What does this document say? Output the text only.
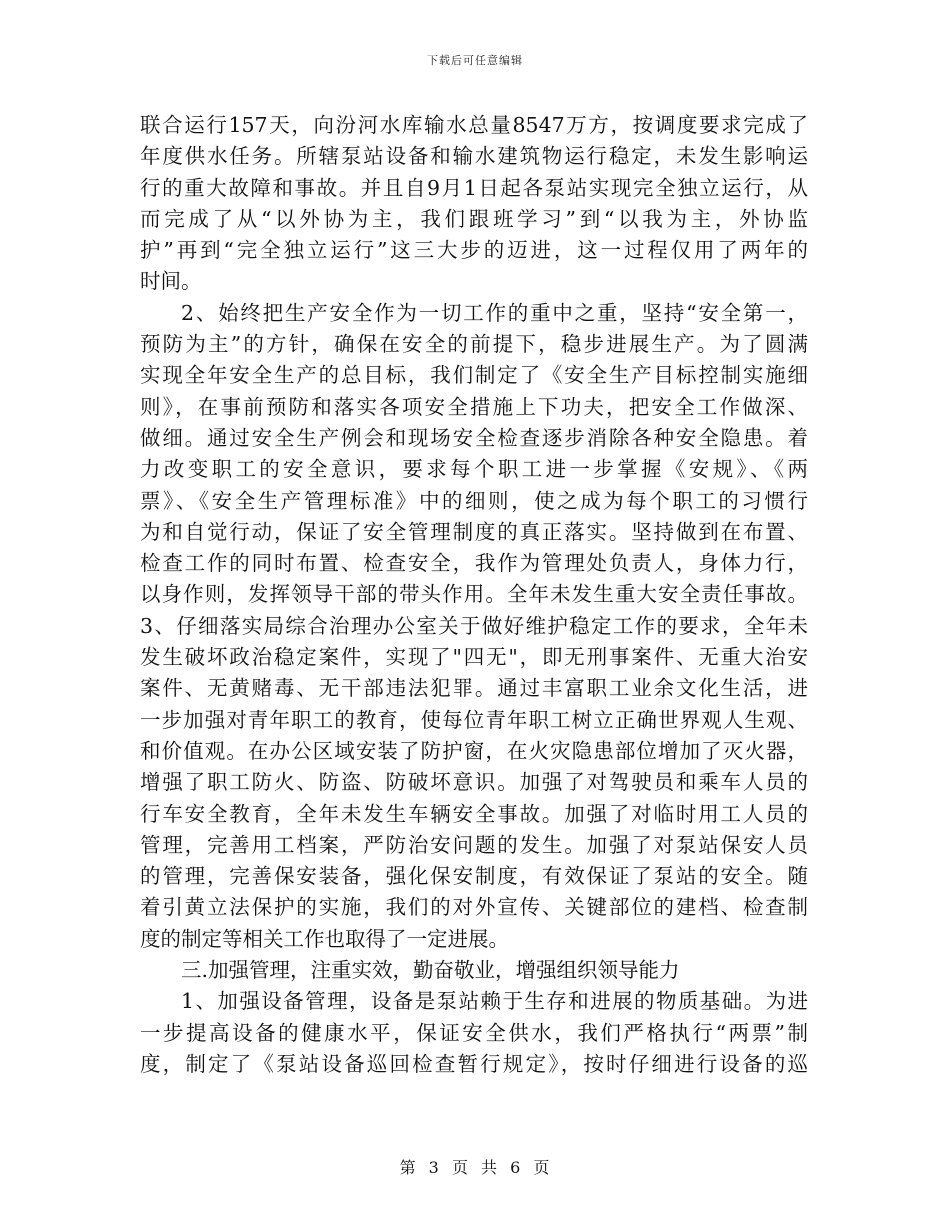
下载后可任意编辑
联合运行157天，向汾河水库输水总量8547万方，按调度要求完成了
年度供水任务。所辖泵站设备和输水建筑物运行稳定，未发生影响运
行的重大故障和事故。并且自9月1日起各泵站实现完全独立运行，从
而完成了从“以外协为主，我们跟班学习”到“以我为主，外协监
护”再到“完全独立运行”这三大步的迈进，这一过程仅用了两年的
时间。
2、始终把生产安全作为一切工作的重中之重，坚持“安全第一，
预防为主”的方针，确保在安全的前提下，稳步进展生产。为了圆满
实现全年安全生产的总目标，我们制定了《安全生产目标控制实施细
则》，在事前预防和落实各项安全措施上下功夫，把安全工作做深、
做细。通过安全生产例会和现场安全检查逐步消除各种安全隐患。着
力改变职工的安全意识，要求每个职工进一步掌握《安规》、《两
票》、《安全生产管理标准》中的细则，使之成为每个职工的习惯行
为和自觉行动，保证了安全管理制度的真正落实。坚持做到在布置、
检查工作的同时布置、检查安全，我作为管理处负责人，身体力行，
以身作则，发挥领导干部的带头作用。全年未发生重大安全责任事故。
3、仔细落实局综合治理办公室关于做好维护稳定工作的要求，全年未
发生破坏政治稳定案件，实现了"四无"，即无刑事案件、无重大治安
案件、无黄赌毒、无干部违法犯罪。通过丰富职工业余文化生活，进
一步加强对青年职工的教育，使每位青年职工树立正确世界观人生观、
和价值观。在办公区域安装了防护窗，在火灾隐患部位增加了灭火器，
增强了职工防火、防盗、防破坏意识。加强了对驾驶员和乘车人员的
行车安全教育，全年未发生车辆安全事故。加强了对临时用工人员的
管理，完善用工档案，严防治安问题的发生。加强了对泵站保安人员
的管理，完善保安装备，强化保安制度，有效保证了泵站的安全。随
着引黄立法保护的实施，我们的对外宣传、关键部位的建档、检查制
度的制定等相关工作也取得了一定进展。
三.加强管理，注重实效，勤奋敬业，增强组织领导能力
1、加强设备管理，设备是泵站赖于生存和进展的物质基础。为进
一步提高设备的健康水平，保证安全供水，我们严格执行“两票”制
度，制定了《泵站设备巡回检查暂行规定》，按时仔细进行设备的巡
第 3 页 共 6 页
